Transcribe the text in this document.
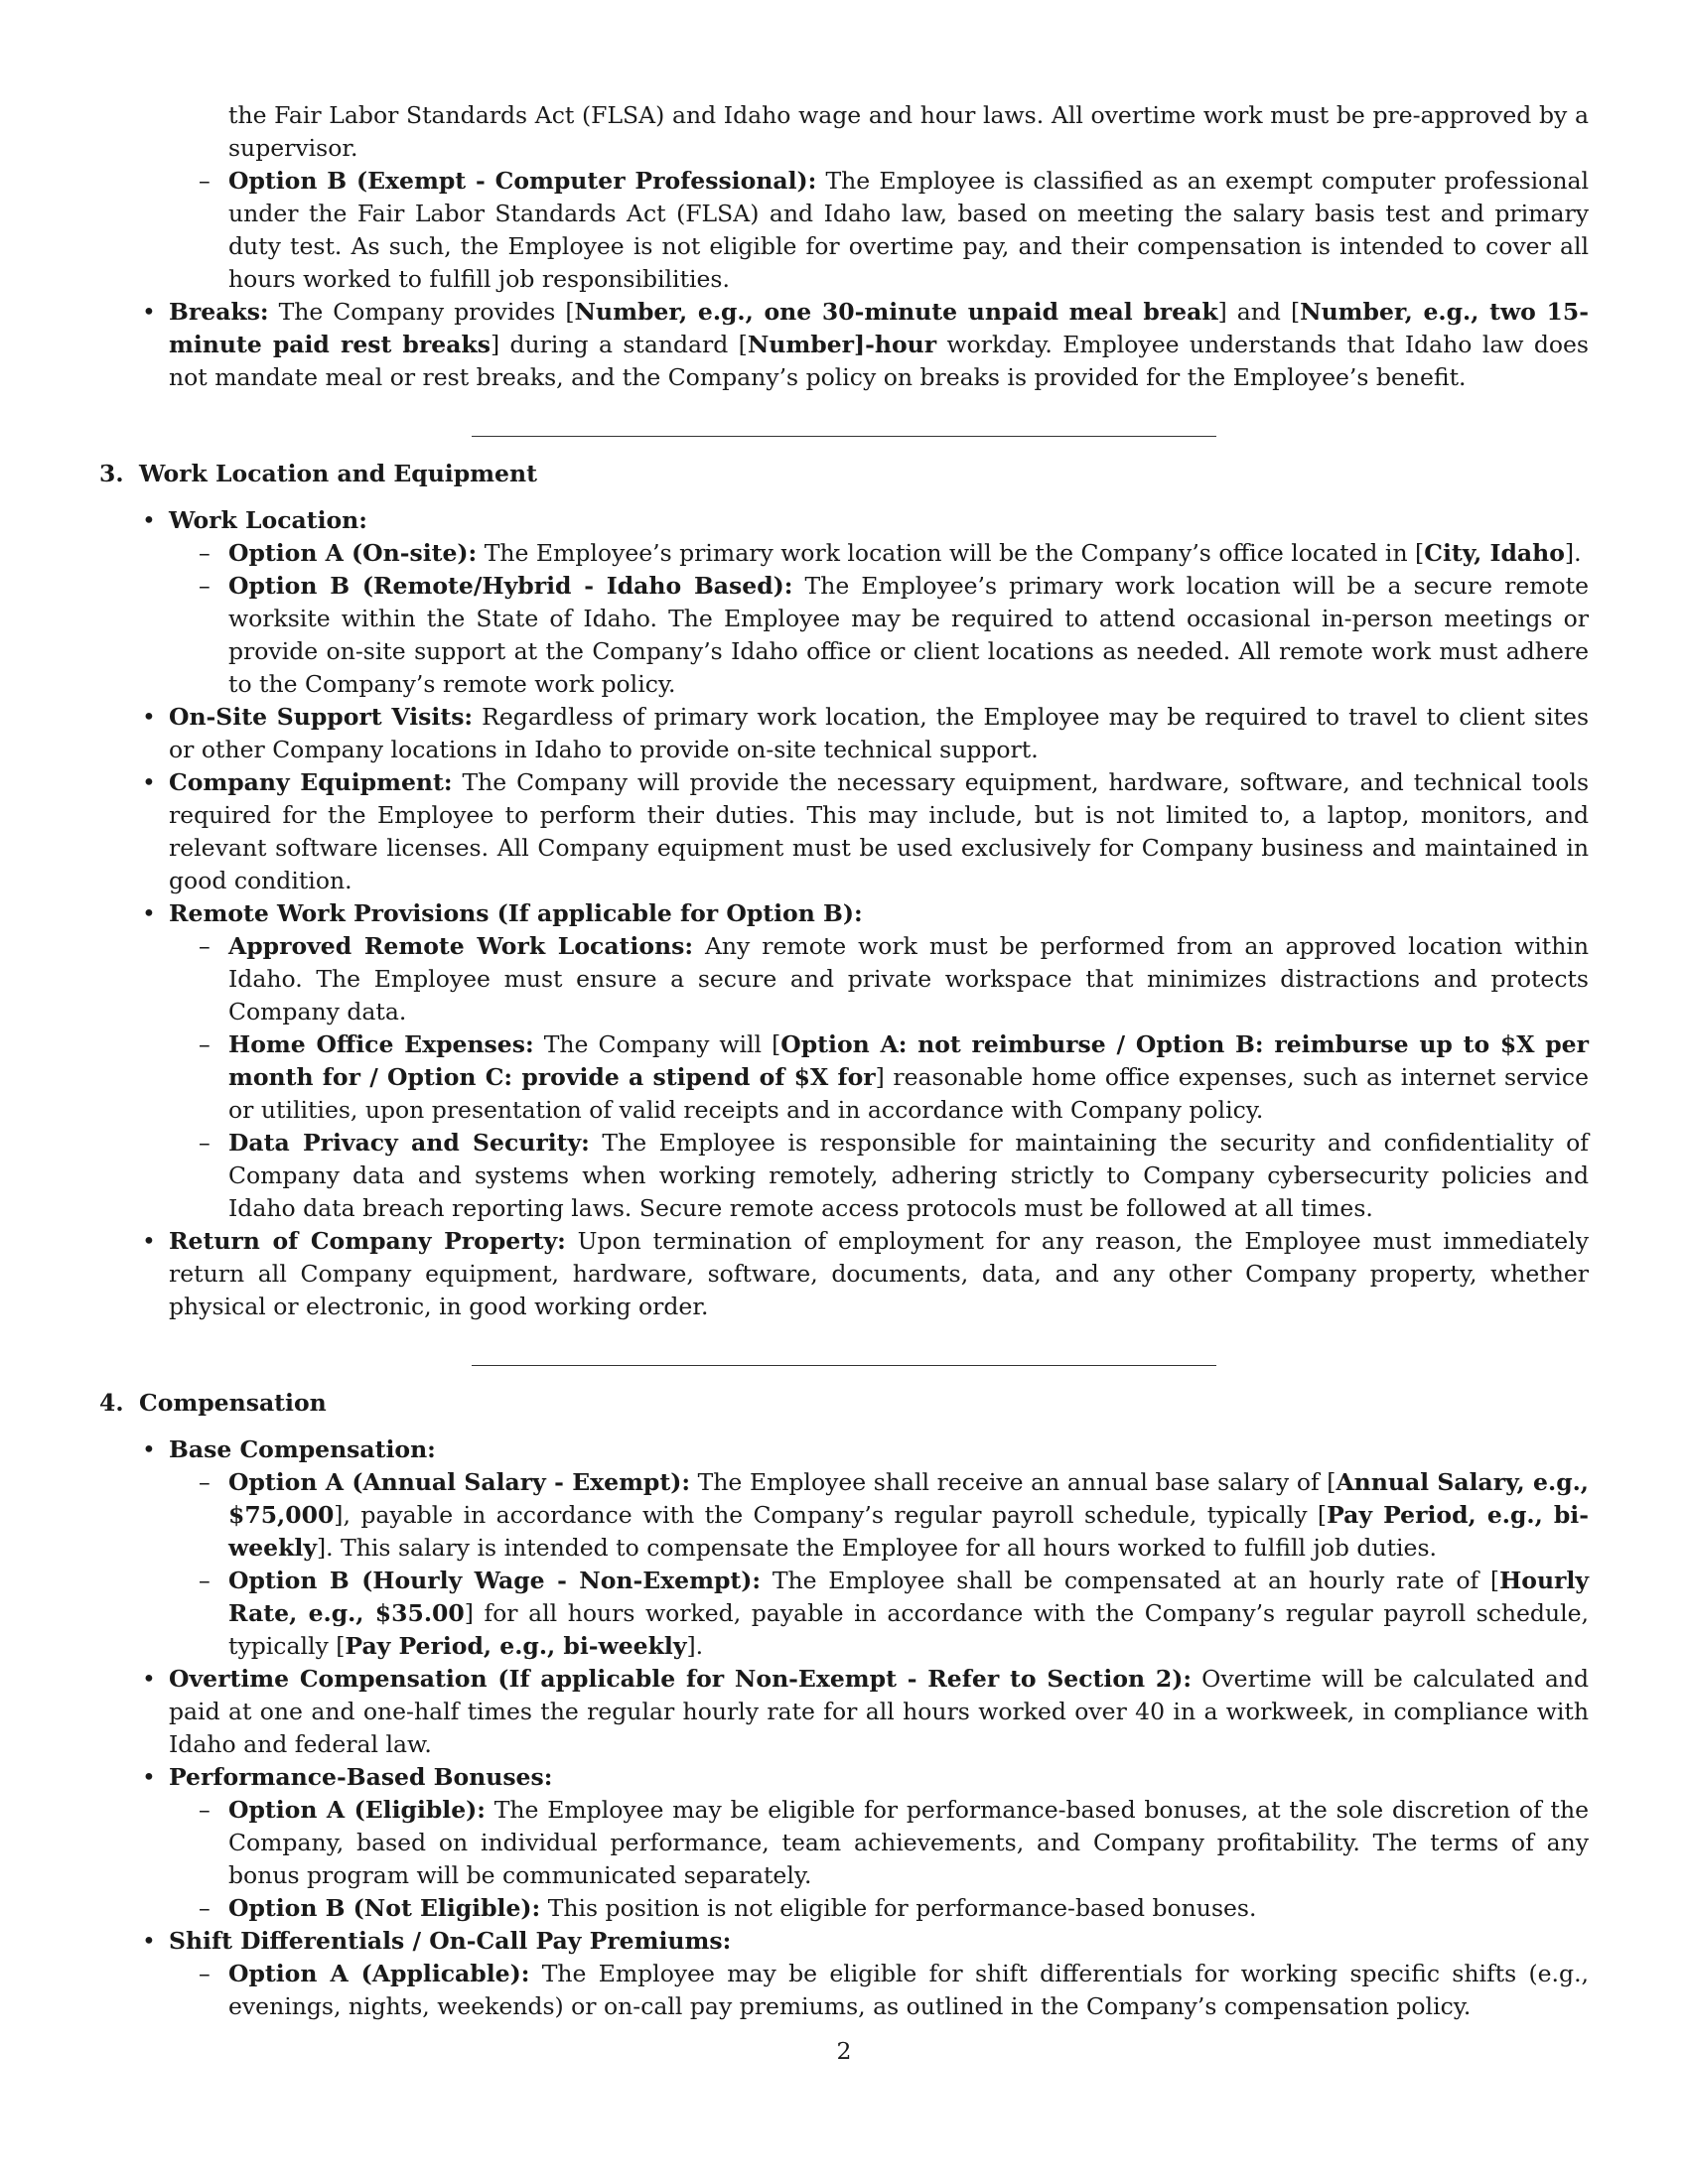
the Fair Labor Standards Act (FLSA) and Idaho wage and hour laws. All overtime work must be pre-approved by a supervisor.
– Option B (Exempt - Computer Professional): The Employee is classified as an exempt computer professional under the Fair Labor Standards Act (FLSA) and Idaho law, based on meeting the salary basis test and primary duty test. As such, the Employee is not eligible for overtime pay, and their compensation is intended to cover all hours worked to fulfill job responsibilities.
• Breaks: The Company provides [Number, e.g., one 30-minute unpaid meal break] and [Number, e.g., two 15-minute paid rest breaks] during a standard [Number]-hour workday. Employee understands that Idaho law does not mandate meal or rest breaks, and the Company’s policy on breaks is provided for the Employee’s benefit.
3. Work Location and Equipment
• Work Location:
– Option A (On-site): The Employee’s primary work location will be the Company’s office located in [City, Idaho].
– Option B (Remote/Hybrid - Idaho Based): The Employee’s primary work location will be a secure remote worksite within the State of Idaho. The Employee may be required to attend occasional in-person meetings or provide on-site support at the Company’s Idaho office or client locations as needed. All remote work must adhere to the Company’s remote work policy.
• On-Site Support Visits: Regardless of primary work location, the Employee may be required to travel to client sites or other Company locations in Idaho to provide on-site technical support.
• Company Equipment: The Company will provide the necessary equipment, hardware, software, and technical tools required for the Employee to perform their duties. This may include, but is not limited to, a laptop, monitors, and relevant software licenses. All Company equipment must be used exclusively for Company business and maintained in good condition.
• Remote Work Provisions (If applicable for Option B):
– Approved Remote Work Locations: Any remote work must be performed from an approved location within Idaho. The Employee must ensure a secure and private workspace that minimizes distractions and protects Company data.
– Home Office Expenses: The Company will [Option A: not reimburse / Option B: reimburse up to $X per month for / Option C: provide a stipend of $X for] reasonable home office expenses, such as internet service or utilities, upon presentation of valid receipts and in accordance with Company policy.
– Data Privacy and Security: The Employee is responsible for maintaining the security and confidentiality of Company data and systems when working remotely, adhering strictly to Company cybersecurity policies and Idaho data breach reporting laws. Secure remote access protocols must be followed at all times.
• Return of Company Property: Upon termination of employment for any reason, the Employee must immediately return all Company equipment, hardware, software, documents, data, and any other Company property, whether physical or electronic, in good working order.
4. Compensation
• Base Compensation:
– Option A (Annual Salary - Exempt): The Employee shall receive an annual base salary of [Annual Salary, e.g., $75,000], payable in accordance with the Company’s regular payroll schedule, typically [Pay Period, e.g., bi-weekly]. This salary is intended to compensate the Employee for all hours worked to fulfill job duties.
– Option B (Hourly Wage - Non-Exempt): The Employee shall be compensated at an hourly rate of [Hourly Rate, e.g., $35.00] for all hours worked, payable in accordance with the Company’s regular payroll schedule, typically [Pay Period, e.g., bi-weekly].
• Overtime Compensation (If applicable for Non-Exempt - Refer to Section 2): Overtime will be calculated and paid at one and one-half times the regular hourly rate for all hours worked over 40 in a workweek, in compliance with Idaho and federal law.
• Performance-Based Bonuses:
– Option A (Eligible): The Employee may be eligible for performance-based bonuses, at the sole discretion of the Company, based on individual performance, team achievements, and Company profitability. The terms of any bonus program will be communicated separately.
– Option B (Not Eligible): This position is not eligible for performance-based bonuses.
• Shift Differentials / On-Call Pay Premiums:
– Option A (Applicable): The Employee may be eligible for shift differentials for working specific shifts (e.g., evenings, nights, weekends) or on-call pay premiums, as outlined in the Company’s compensation policy.
2
